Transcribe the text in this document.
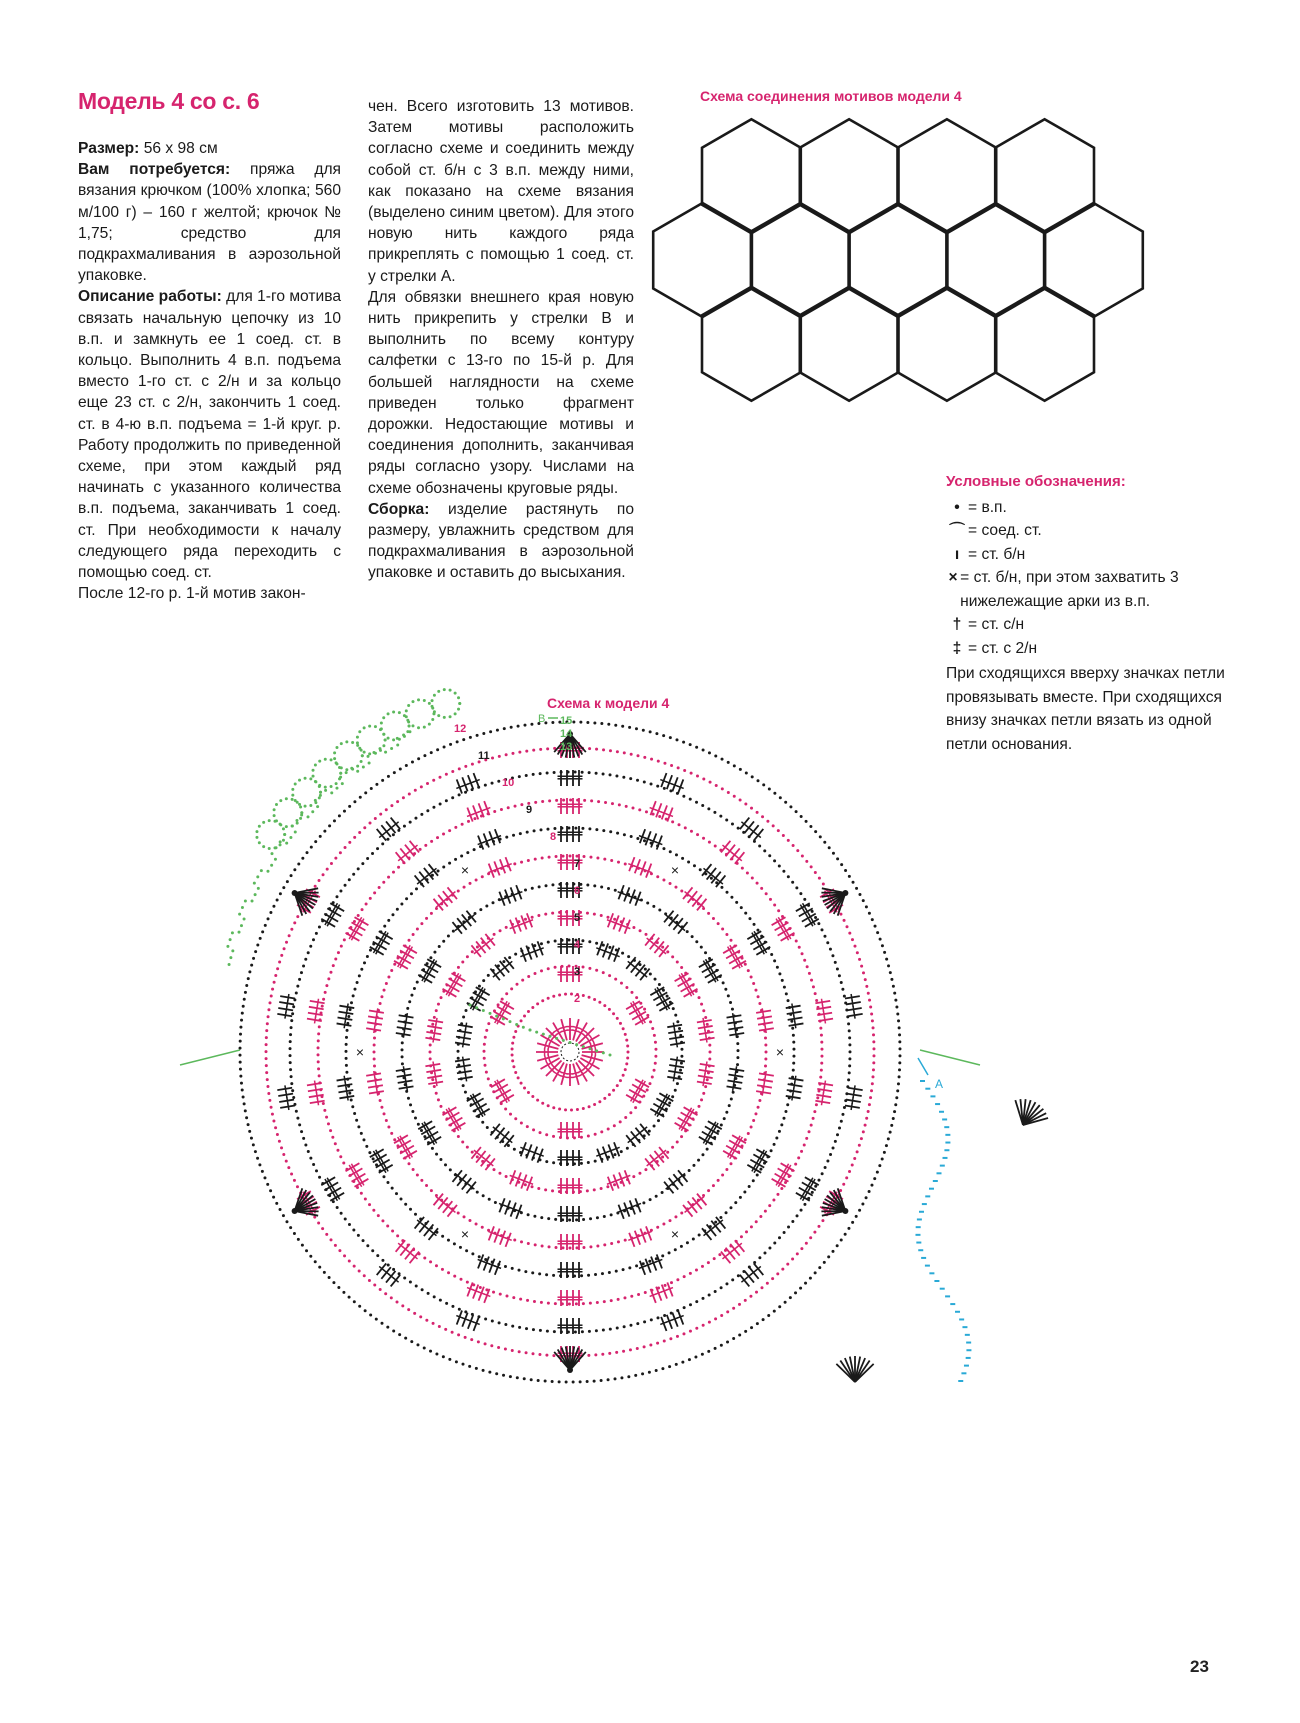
Модель 4 со с. 6

Размер: 56 х 98 см

Вам потребуется: пряжа для вязания крючком (100% хлопка; 560 м/100 г) – 160 г желтой; крючок № 1,75; средство для подкрахмаливания в аэрозольной упаковке.

Описание работы: для 1-го мотива связать начальную цепочку из 10 в.п. и замкнуть ее 1 соед. ст. в кольцо. Выполнить 4 в.п. подъема вместо 1-го ст. с 2/н и за кольцо еще 23 ст. с 2/н, закончить 1 соед. ст. в 4-ю в.п. подъема = 1-й круг. р. Работу продолжить по приведенной схеме, при этом каждый ряд начинать с указанного количества в.п. подъема, заканчивать 1 соед. ст. При необходимости к началу следующего ряда переходить с помощью соед. ст.

После 12-го р. 1-й мотив закон-

чен. Всего изготовить 13 мотивов. Затем мотивы расположить согласно схеме и соединить между собой ст. б/н с 3 в.п. между ними, как показано на схеме вязания (выделено синим цветом). Для этого новую нить каждого ряда прикреплять с помощью 1 соед. ст. у стрелки А.

Для обвязки внешнего края новую нить прикрепить у стрелки В и выполнить по всему контуру салфетки с 13-го по 15-й р. Для большей наглядности на схеме приведен только фрагмент дорожки. Недостающие мотивы и соединения дополнить, заканчивая ряды согласно узору. Числами на схеме обозначены круговые ряды.

Сборка: изделие растянуть по размеру, увлажнить средством для подкрахмаливания в аэрозольной упаковке и оставить до высыхания.

Схема соединения мотивов модели 4
Условные обозначения:
• = в.п.
⌒ = соед. ст.
ı = ст. б/н
× = ст. б/н, при этом захватить 3 нижележащие арки из в.п.
† = ст. с/н
‡ = ст. с 2/н
При сходящихся вверху значках петли провязывать вместе. При сходящихся внизу значках петли вязать из одной петли основания.
Схема к модели 4
×
×
×
×
×
×
2
3
4
5
6
7
8
9
10
11
12
13
14
15
A
B
23
